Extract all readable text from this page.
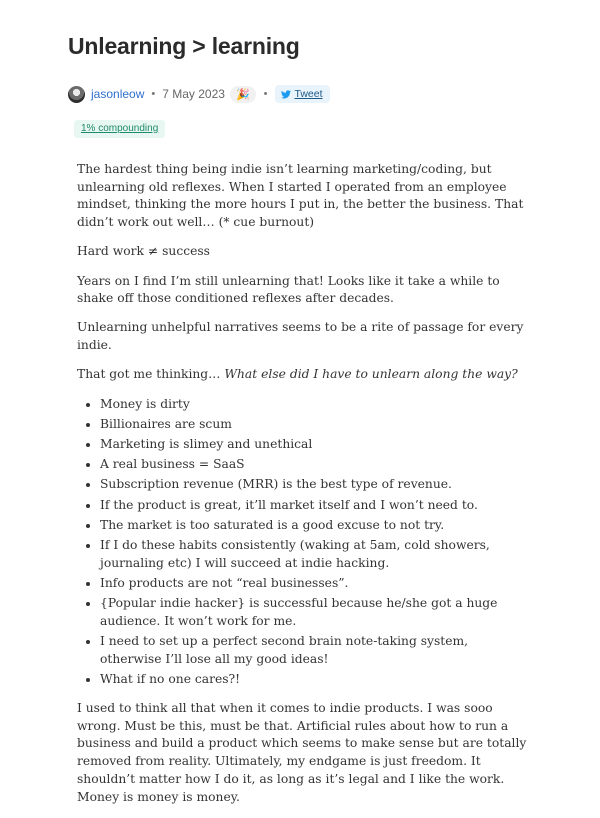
Unlearning > learning
jasonleow • 7 May 2023 🎉 •	Tweet
1% compounding

The hardest thing being indie isn’t learning marketing/coding, but unlearning old reflexes. When I started I operated from an employee mindset, thinking the more hours I put in, the better the business. That didn’t work out well… (* cue burnout)

Hard work ≠ success

Years on I find I’m still unlearning that! Looks like it take a while to shake off those conditioned reflexes after decades.

Unlearning unhelpful narratives seems to be a rite of passage for every indie.

That got me thinking… What else did I have to unlearn along the way?

• Money is dirty
• Billionaires are scum
• Marketing is slimey and unethical
• A real business = SaaS
• Subscription revenue (MRR) is the best type of revenue.
• If the product is great, it’ll market itself and I won’t need to.
• The market is too saturated is a good excuse to not try.
• If I do these habits consistently (waking at 5am, cold showers, journaling etc) I will succeed at indie hacking.
• Info products are not “real businesses”.
• {Popular indie hacker} is successful because he/she got a huge audience. It won’t work for me.
• I need to set up a perfect second brain note-taking system, otherwise I’ll lose all my good ideas!
• What if no one cares?!

I used to think all that when it comes to indie products. I was sooo wrong. Must be this, must be that. Artificial rules about how to run a business and build a product which seems to make sense but are totally removed from reality. Ultimately, my endgame is just freedom. It shouldn’t matter how I do it, as long as it’s legal and I like the work. Money is money is money.
